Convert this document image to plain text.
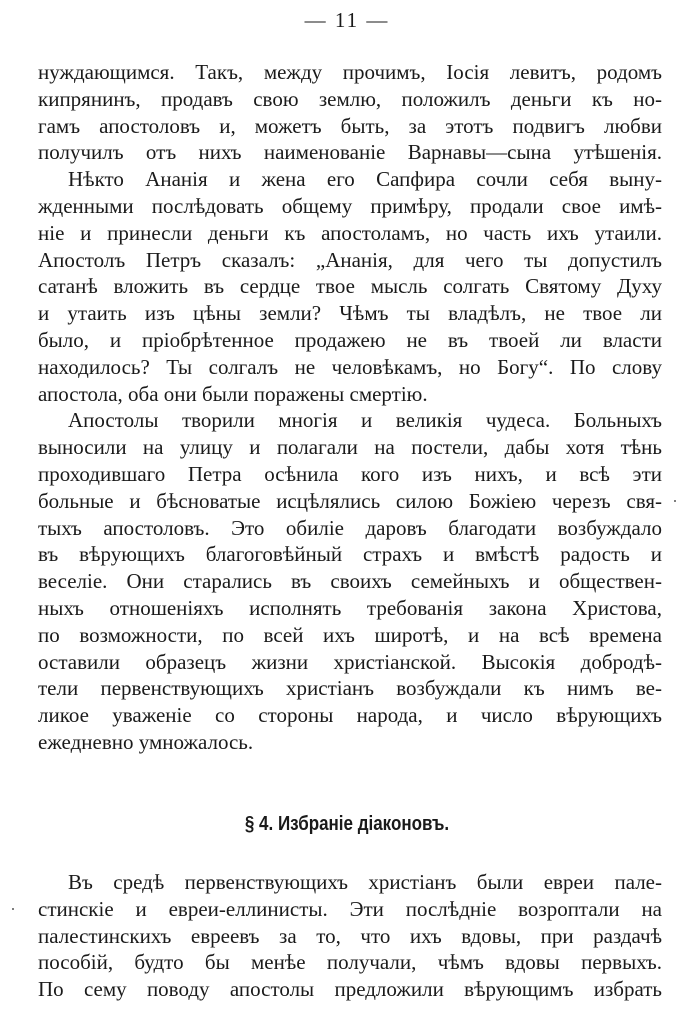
— 11 —
нуждающимся. Такъ, между прочимъ, Іосія левитъ, родомъ
кипрянинъ, продавъ свою землю, положилъ деньги къ но-
гамъ апостоловъ и, можетъ быть, за этотъ подвигъ любви
получилъ отъ нихъ наименованіе Варнавы—сына утѣшенія.
Нѣкто Ананія и жена его Сапфира сочли себя выну-
жденными послѣдовать общему примѣру, продали свое имѣ-
ніе и принесли деньги къ апостоламъ, но часть ихъ утаили.
Апостолъ Петръ сказалъ: „Ананія, для чего ты допустилъ
сатанѣ вложить въ сердце твое мысль солгать Святому Духу
и утаить изъ цѣны земли? Чѣмъ ты владѣлъ, не твое ли
было, и пріобрѣтенное продажею не въ твоей ли власти
находилось? Ты солгалъ не человѣкамъ, но Богу“. По слову
апостола, оба они были поражены смертію.
Апостолы творили многія и великія чудеса. Больныхъ
выносили на улицу и полагали на постели, дабы хотя тѣнь
проходившаго Петра осѣнила кого изъ нихъ, и всѣ эти
больные и бѣсноватые исцѣлялись силою Божіею черезъ свя-
тыхъ апостоловъ. Это обиліе даровъ благодати возбуждало
въ вѣрующихъ благоговѣйный страхъ и вмѣстѣ радость и
веселіе. Они старались въ своихъ семейныхъ и обществен-
ныхъ отношеніяхъ исполнять требованія закона Христова,
по возможности, по всей ихъ широтѣ, и на всѣ времена
оставили образецъ жизни христіанской. Высокія добродѣ-
тели первенствующихъ христіанъ возбуждали къ нимъ ве-
ликое уваженіе со стороны народа, и число вѣрующихъ
ежедневно умножалось.
§ 4. Избраніе діаконовъ.
Въ средѣ первенствующихъ христіанъ были евреи пале-
стинскіе и евреи-еллинисты. Эти послѣдніе возроптали на
палестинскихъ евреевъ за то, что ихъ вдовы, при раздачѣ
пособій, будто бы менѣе получали, чѣмъ вдовы первыхъ.
По сему поводу апостолы предложили вѣрующимъ избрать
